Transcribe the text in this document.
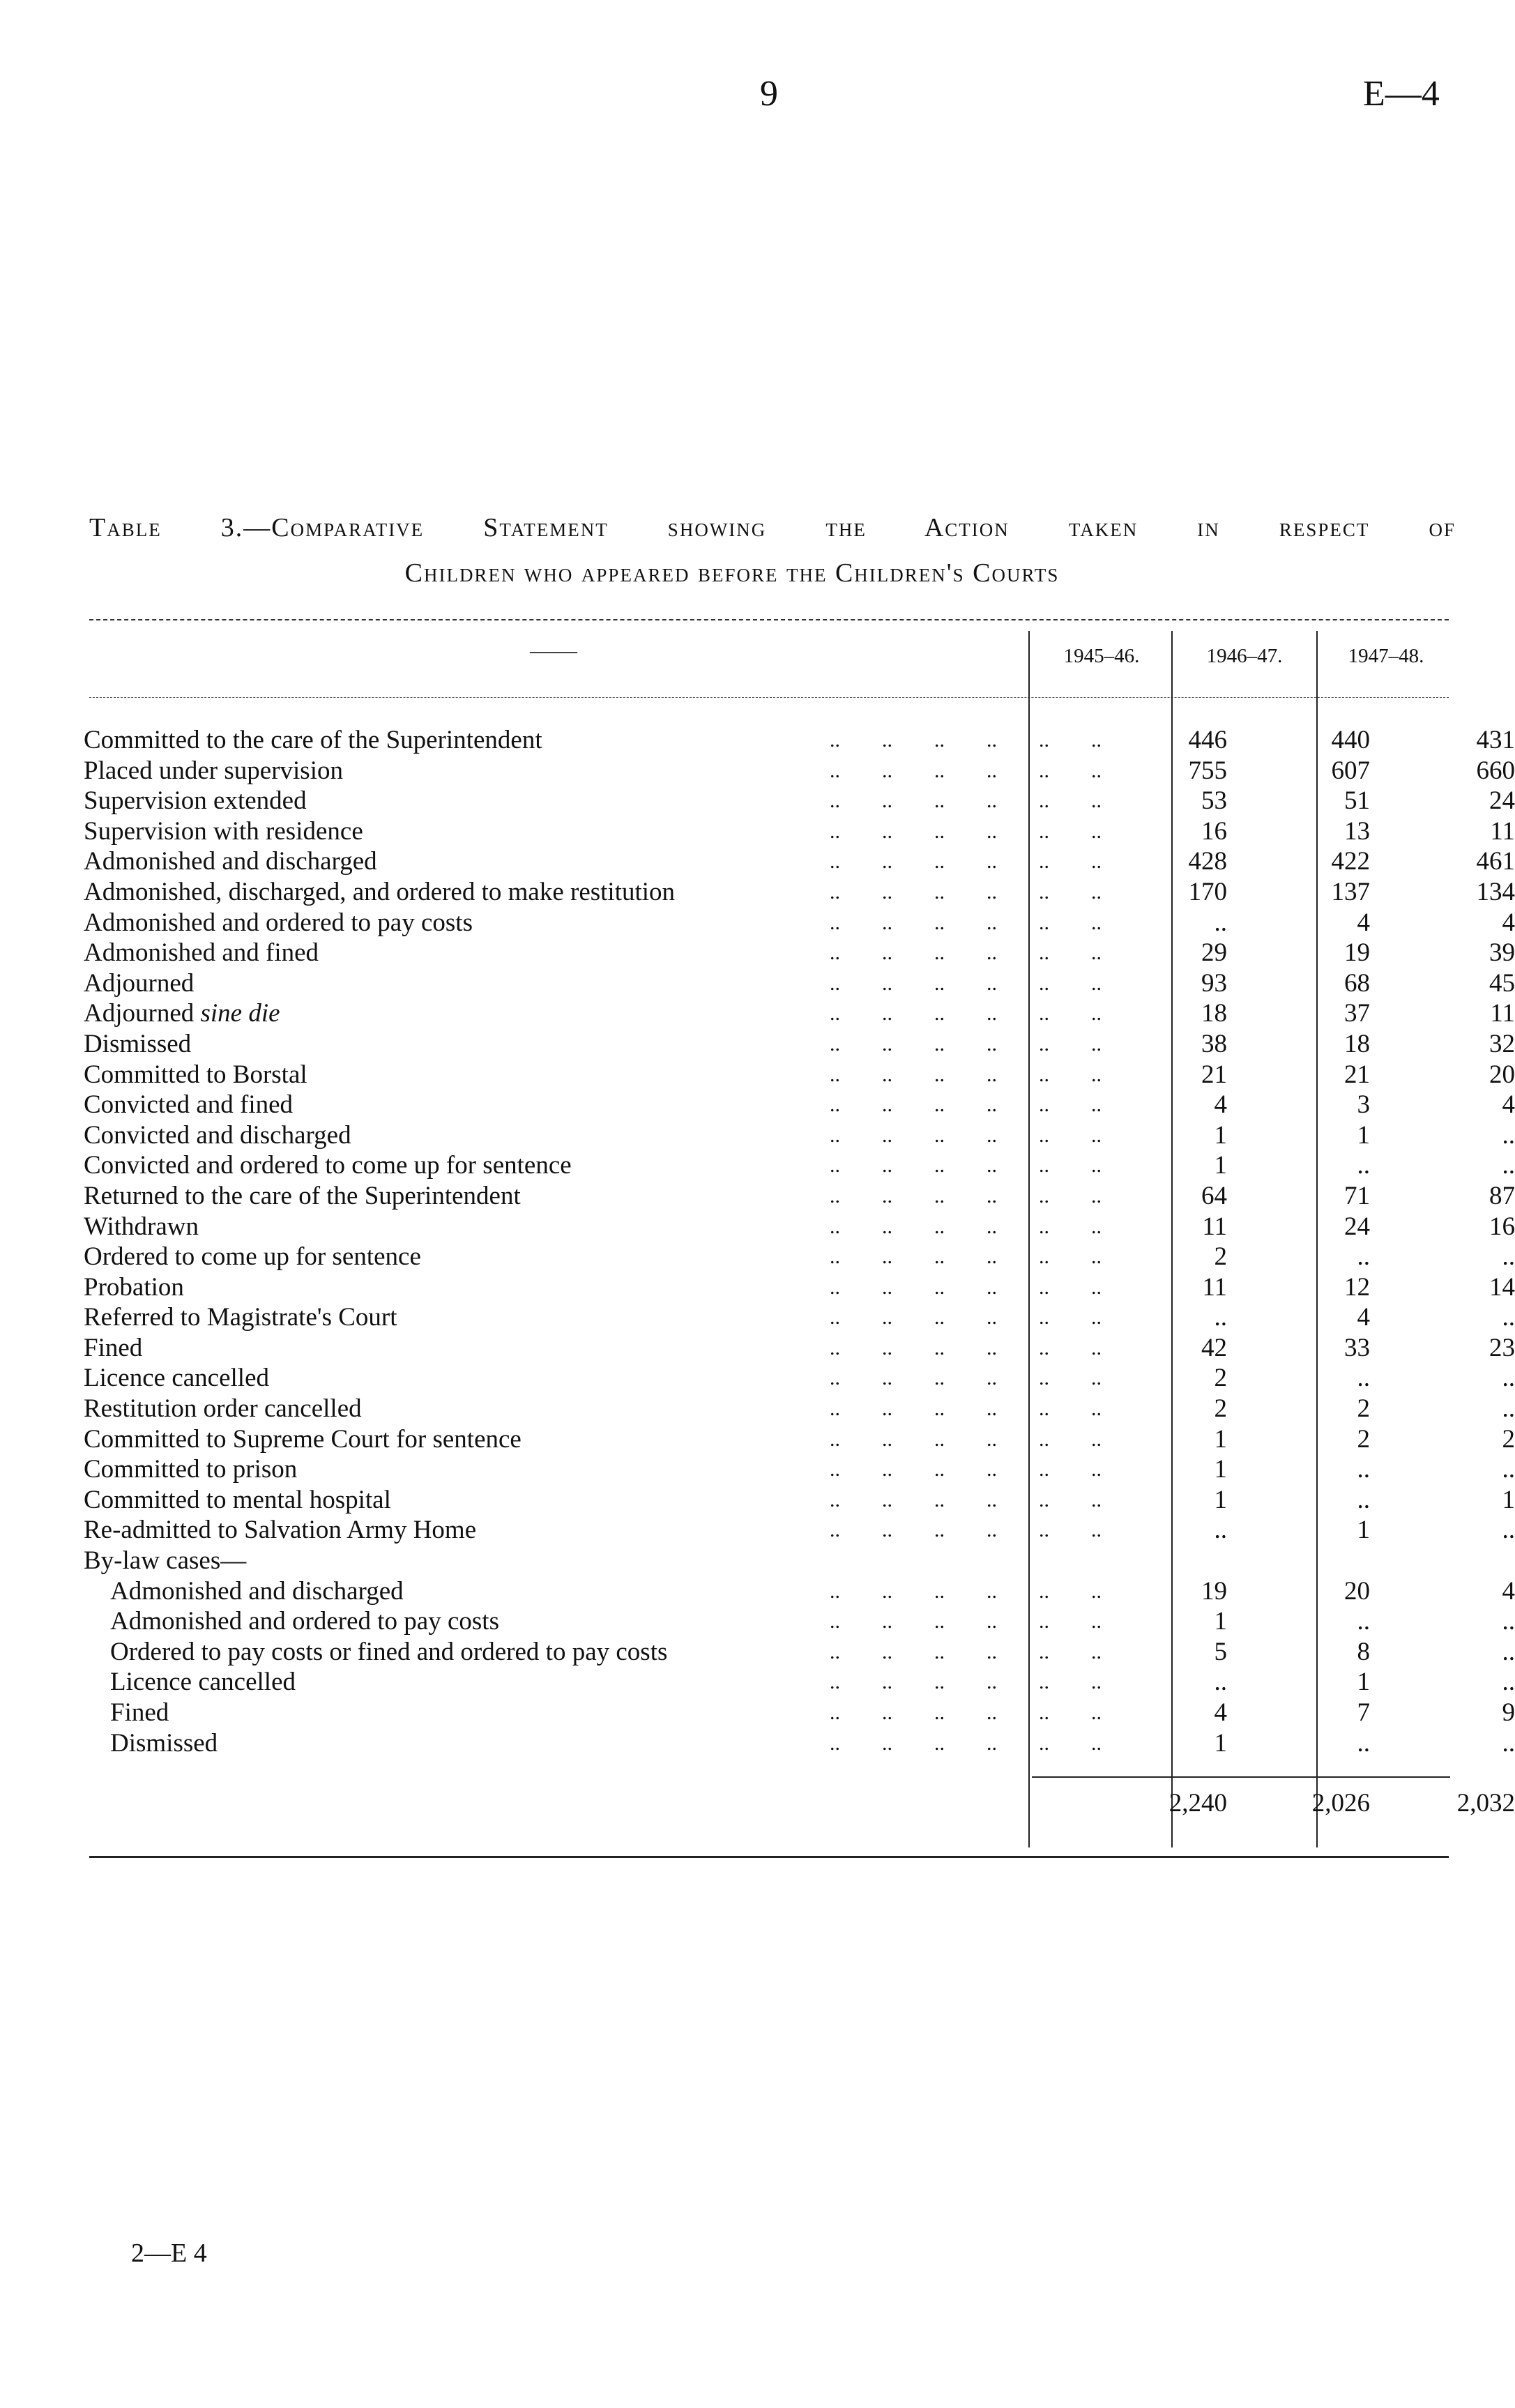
9	E—4
Table 3.—Comparative Statement showing the Action taken in respect of
Children who appeared before the Children's Courts
——	1945–46.	1946–47.	1947–48.
Committed to the care of the Superintendent	..        ..        ..        ..        ..        ..	446	440	431
Placed under supervision	..        ..        ..        ..        ..        ..	755	607	660
Supervision extended	..        ..        ..        ..        ..        ..	53	51	24
Supervision with residence	..        ..        ..        ..        ..        ..	16	13	11
Admonished and discharged	..        ..        ..        ..        ..        ..	428	422	461
Admonished, discharged, and ordered to make restitution	..        ..        ..        ..        ..        ..	170	137	134
Admonished and ordered to pay costs	..        ..        ..        ..        ..        ..	..	4	4
Admonished and fined	..        ..        ..        ..        ..        ..	29	19	39
Adjourned	..        ..        ..        ..        ..        ..	93	68	45
Adjourned sine die	..        ..        ..        ..        ..        ..	18	37	11
Dismissed	..        ..        ..        ..        ..        ..	38	18	32
Committed to Borstal	..        ..        ..        ..        ..        ..	21	21	20
Convicted and fined	..        ..        ..        ..        ..        ..	4	3	4
Convicted and discharged	..        ..        ..        ..        ..        ..	1	1	..
Convicted and ordered to come up for sentence	..        ..        ..        ..        ..        ..	1	..	..
Returned to the care of the Superintendent	..        ..        ..        ..        ..        ..	64	71	87
Withdrawn	..        ..        ..        ..        ..        ..	11	24	16
Ordered to come up for sentence	..        ..        ..        ..        ..        ..	2	..	..
Probation	..        ..        ..        ..        ..        ..	11	12	14
Referred to Magistrate's Court	..        ..        ..        ..        ..        ..	..	4	..
Fined	..        ..        ..        ..        ..        ..	42	33	23
Licence cancelled	..        ..        ..        ..        ..        ..	2	..	..
Restitution order cancelled	..        ..        ..        ..        ..        ..	2	2	..
Committed to Supreme Court for sentence	..        ..        ..        ..        ..        ..	1	2	2
Committed to prison	..        ..        ..        ..        ..        ..	1	..	..
Committed to mental hospital	..        ..        ..        ..        ..        ..	1	..	1
Re-admitted to Salvation Army Home	..        ..        ..        ..        ..        ..	..	1	..
By-law cases—
Admonished and discharged	..        ..        ..        ..        ..        ..	19	20	4
Admonished and ordered to pay costs	..        ..        ..        ..        ..        ..	1	..	..
Ordered to pay costs or fined and ordered to pay costs	..        ..        ..        ..        ..        ..	5	8	..
Licence cancelled	..        ..        ..        ..        ..        ..	..	1	..
Fined	..        ..        ..        ..        ..        ..	4	7	9
Dismissed	..        ..        ..        ..        ..        ..	1	..	..
2,240	2,026	2,032
2—E 4
